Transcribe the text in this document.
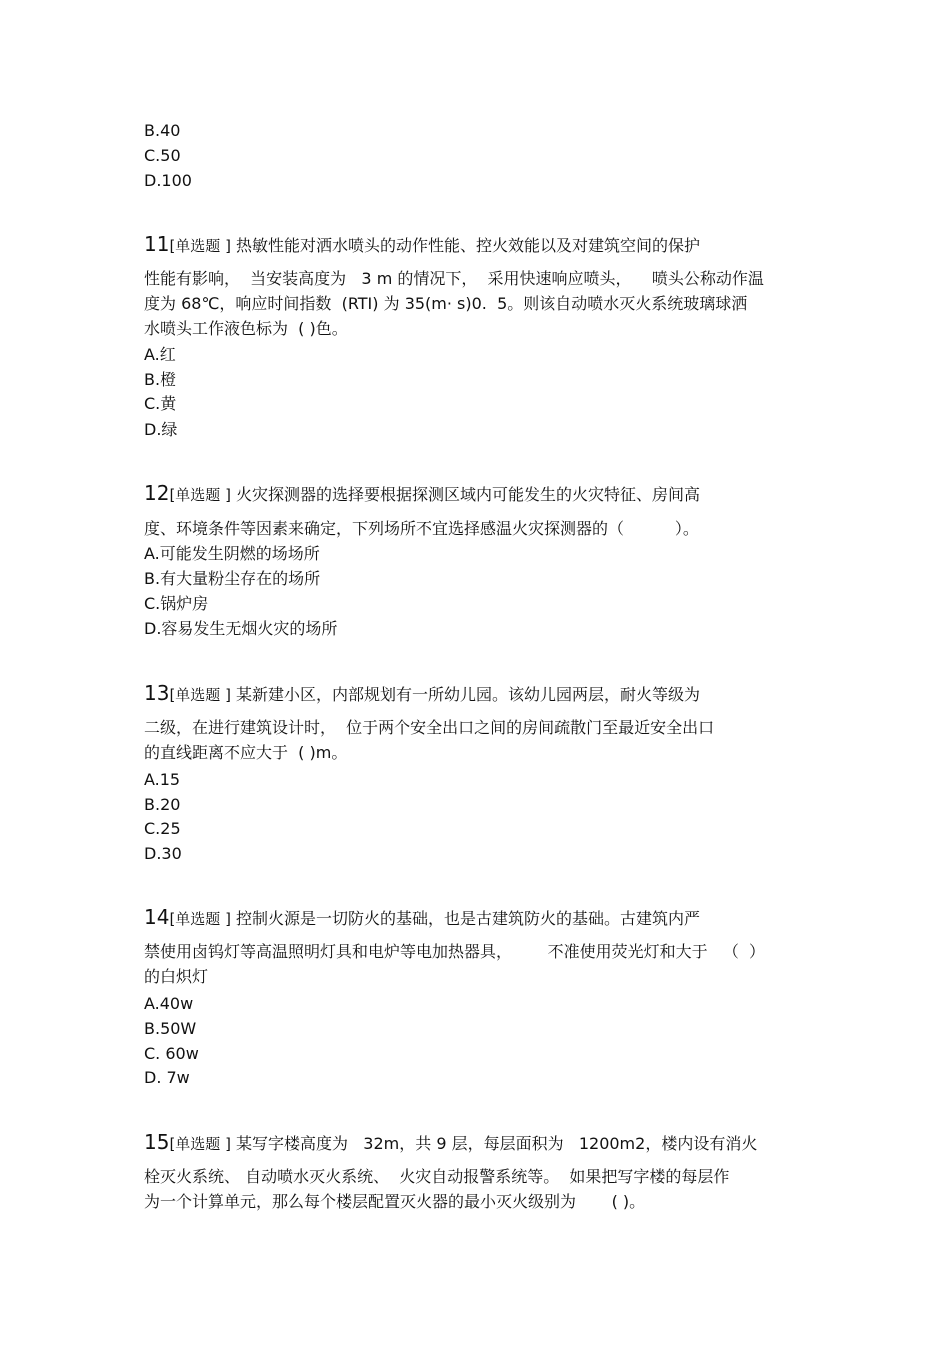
B.40
C.50
D.100
11[单选题 ] 热敏性能对洒水喷头的动作性能、控火效能以及对建筑空间的保护
性能有影响，  当安装高度为   3 m 的情况下，  采用快速响应喷头，    喷头公称动作温
度为 68℃，响应时间指数  (RTI) 为 35(m· s)0.  5。则该自动喷水灭火系统玻璃球洒
水喷头工作液色标为  ( )色。
A.红
B.橙
C.黄
D.绿
12[单选题 ] 火灾探测器的选择要根据探测区域内可能发生的火灾特征、房间高
度、环境条件等因素来确定，下列场所不宜选择感温火灾探测器的（          ）。
A.可能发生阴燃的场场所
B.有大量粉尘存在的场所
C.锅炉房
D.容易发生无烟火灾的场所
13[单选题 ] 某新建小区，内部规划有一所幼儿园。该幼儿园两层，耐火等级为
二级，在进行建筑设计时，  位于两个安全出口之间的房间疏散门至最近安全出口
的直线距离不应大于  ( )m。
A.15
B.20
C.25
D.30
14[单选题 ] 控制火源是一切防火的基础，也是古建筑防火的基础。古建筑内严
禁使用卤钨灯等高温照明灯具和电炉等电加热器具，       不准使用荧光灯和大于   （  ）
的白炽灯
A.40w
B.50W
C. 60w
D. 7w
15[单选题 ] 某写字楼高度为   32m，共 9 层，每层面积为   1200m2，楼内设有消火
栓灭火系统、 自动喷水灭火系统、  火灾自动报警系统等。  如果把写字楼的每层作
为一个计算单元，那么每个楼层配置灭火器的最小灭火级别为       ( )。
